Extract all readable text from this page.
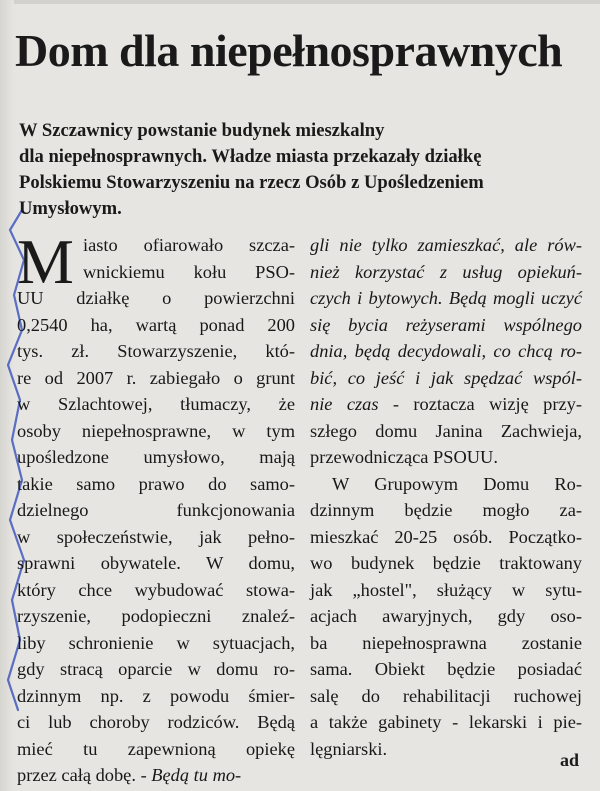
Dom dla niepełnosprawnych

W Szczawnicy powstanie budynek mieszkalny
dla niepełnosprawnych. Władze miasta przekazały działkę
Polskiemu Stowarzyszeniu na rzecz Osób z Upośledzeniem
Umysłowym.

M iasto ofiarowało szcza-
wnickiemu kołu PSO-
UU działkę o powierzchni
0,2540 ha, wartą ponad 200
tys. zł. Stowarzyszenie, któ-
re od 2007 r. zabiegało o grunt
w Szlachtowej, tłumaczy, że
osoby niepełnosprawne, w tym
upośledzone umysłowo, mają
takie samo prawo do samo-
dzielnego funkcjonowania
w społeczeństwie, jak pełno-
sprawni obywatele. W domu,
który chce wybudować stowa-
rzyszenie, podopieczni znaleź-
liby schronienie w sytuacjach,
gdy stracą oparcie w domu ro-
dzinnym np. z powodu śmier-
ci lub choroby rodziców. Będą
mieć tu zapewnioną opiekę
przez całą dobę. - Będą tu mo-
gli nie tylko zamieszkać, ale rów-
nież korzystać z usług opiekuń-
czych i bytowych. Będą mogli uczyć
się bycia reżyserami wspólnego
dnia, będą decydowali, co chcą ro-
bić, co jeść i jak spędzać wspól-
nie czas - roztacza wizję przy-
szłego domu Janina Zachwieja,
przewodnicząca PSOUU.
W Grupowym Domu Ro-
dzinnym będzie mogło za-
mieszkać 20-25 osób. Początko-
wo budynek będzie traktowany
jak „hostel", służący w sytu-
acjach awaryjnych, gdy oso-
ba niepełnosprawna zostanie
sama. Obiekt będzie posiadać
salę do rehabilitacji ruchowej
a także gabinety - lekarski i pie-
lęgniarski.

ad
